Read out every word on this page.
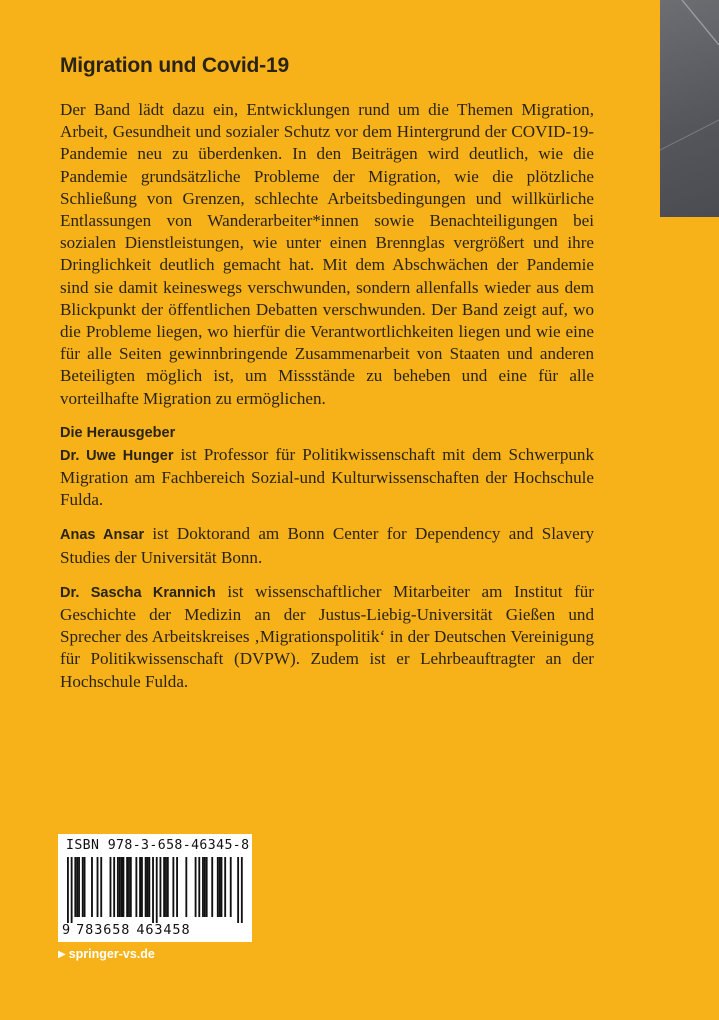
Migration und Covid-19

Der Band lädt dazu ein, Entwicklungen rund um die Themen Migration, Arbeit, Gesundheit und sozialer Schutz vor dem Hintergrund der COVID-19-Pandemie neu zu überdenken. In den Beiträgen wird deutlich, wie die Pandemie grundsätzliche Probleme der Migration, wie die plötzliche Schließung von Grenzen, schlechte Arbeitsbedingungen und willkürliche Entlassungen von Wanderarbeiter*innen sowie Benachteiligungen bei sozialen Dienstleistungen, wie unter einen Brennglas vergrößert und ihre Dringlichkeit deutlich gemacht hat. Mit dem Abschwächen der Pandemie sind sie damit keineswegs verschwunden, sondern allenfalls wieder aus dem Blickpunkt der öffentlichen Debatten verschwunden. Der Band zeigt auf, wo die Probleme liegen, wo hierfür die Verantwortlichkeiten liegen und wie eine für alle Seiten gewinnbringende Zusammenarbeit von Staaten und anderen Beteiligten möglich ist, um Missstände zu beheben und eine für alle vorteilhafte Migration zu ermöglichen.

Die Herausgeber

Dr. Uwe Hunger ist Professor für Politikwissenschaft mit dem Schwerpunk Migration am Fachbereich Sozial-und Kulturwissenschaften der Hochschule Fulda.

Anas Ansar ist Doktorand am Bonn Center for Dependency and Slavery Studies der Universität Bonn.

Dr. Sascha Krannich ist wissenschaftlicher Mitarbeiter am Institut für Geschichte der Medizin an der Justus-Liebig-Universität Gießen und Sprecher des Arbeitskreises ‚Migrationspolitik‘ in der Deutschen Vereinigung für Politikwissenschaft (DVPW). Zudem ist er Lehrbeauftragter an der Hochschule Fulda.

ISBN 978-3-658-46345-8
9 783658 463458
▶ springer-vs.de
